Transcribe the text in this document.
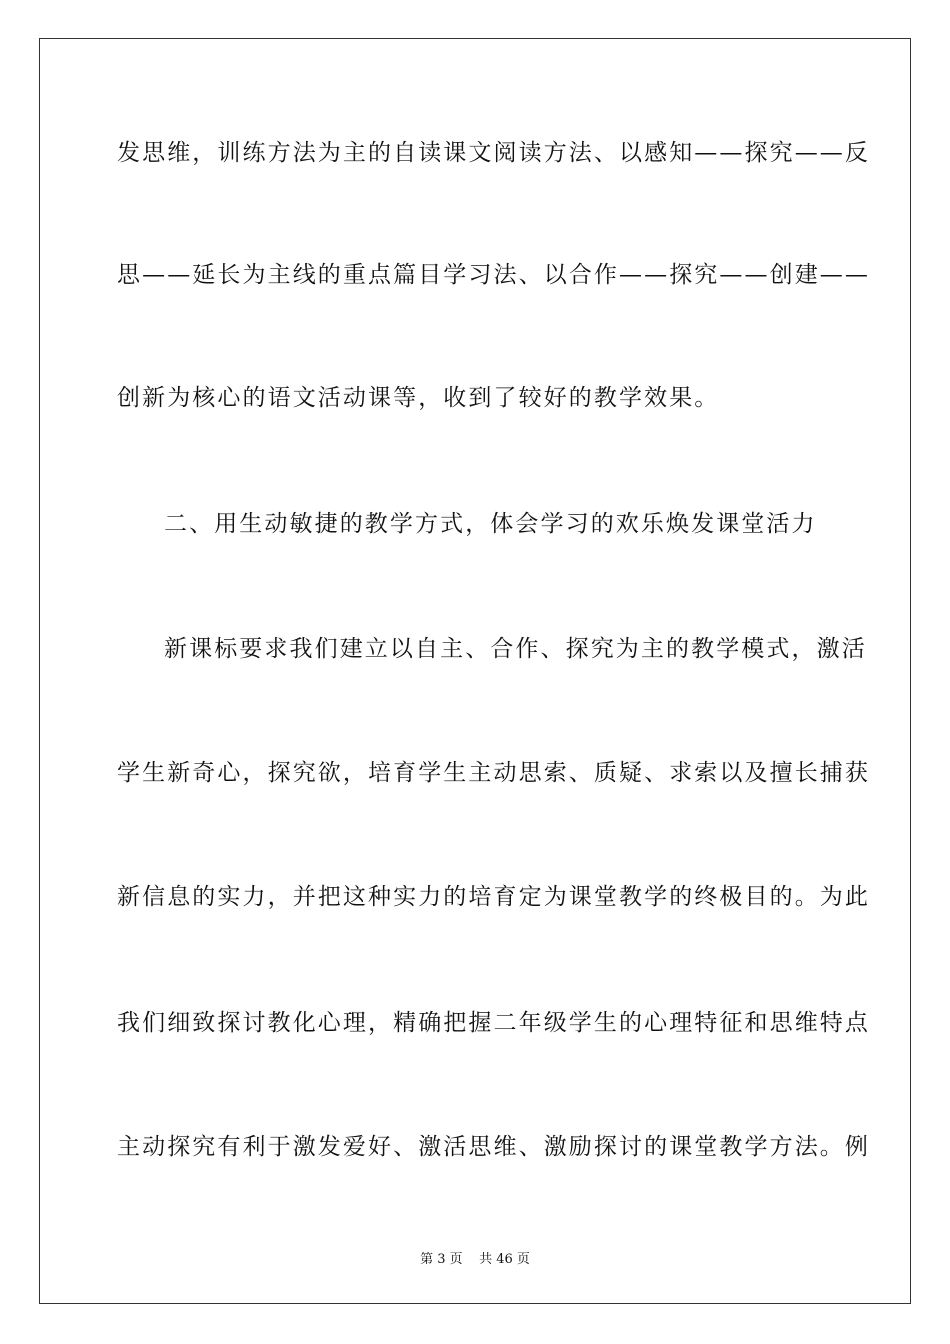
发思维，训练方法为主的自读课文阅读方法、以感知——探究——反
思——延长为主线的重点篇目学习法、以合作——探究——创建——
创新为核心的语文活动课等，收到了较好的教学效果。
二、用生动敏捷的教学方式，体会学习的欢乐焕发课堂活力
新课标要求我们建立以自主、合作、探究为主的教学模式，激活
学生新奇心，探究欲，培育学生主动思索、质疑、求索以及擅长捕获
新信息的实力，并把这种实力的培育定为课堂教学的终极目的。为此
我们细致探讨教化心理，精确把握二年级学生的心理特征和思维特点
主动探究有利于激发爱好、激活思维、激励探讨的课堂教学方法。例
第 3 页    共 46 页
